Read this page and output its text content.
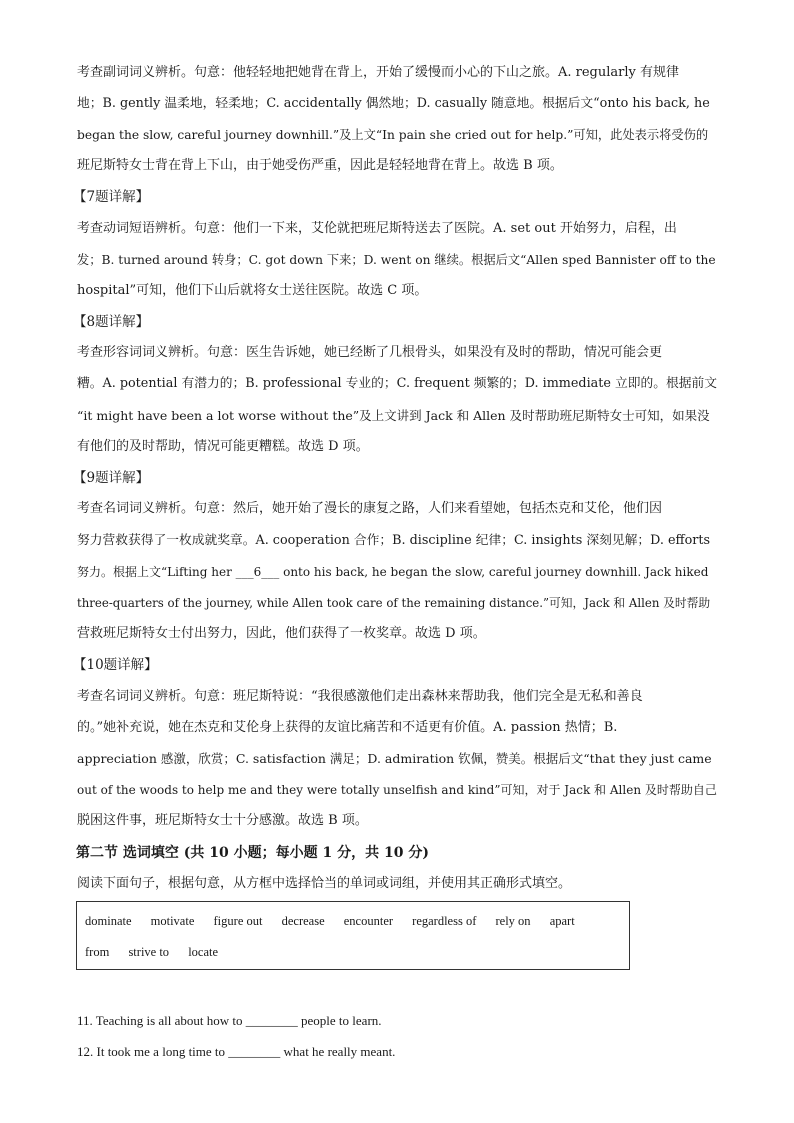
考查副词词义辨析。句意：他轻轻地把她背在背上，开始了缓慢而小心的下山之旅。A. regularly 有规律
地；B. gently 温柔地，轻柔地；C. accidentally 偶然地；D. casually 随意地。根据后文“onto his back, he
began the slow, careful journey downhill.”及上文“In pain she cried out for help.”可知，此处表示将受伤的
班尼斯特女士背在背上下山，由于她受伤严重，因此是轻轻地背在背上。故选 B 项。
【7题详解】
考查动词短语辨析。句意：他们一下来，艾伦就把班尼斯特送去了医院。A. set out 开始努力，启程，出
发；B. turned around 转身；C. got down 下来；D. went on 继续。根据后文“Allen sped Bannister off to the
hospital”可知，他们下山后就将女士送往医院。故选 C 项。
【8题详解】
考查形容词词义辨析。句意：医生告诉她，她已经断了几根骨头，如果没有及时的帮助，情况可能会更
糟。A. potential 有潜力的；B. professional 专业的；C. frequent 频繁的；D. immediate 立即的。根据前文
“it might have been a lot worse without the”及上文讲到 Jack 和 Allen 及时帮助班尼斯特女士可知，如果没
有他们的及时帮助，情况可能更糟糕。故选 D 项。
【9题详解】
考查名词词义辨析。句意：然后，她开始了漫长的康复之路，人们来看望她，包括杰克和艾伦，他们因
努力营救获得了一枚成就奖章。A. cooperation 合作；B. discipline 纪律；C. insights 深刻见解；D. efforts
努力。根据上文“Lifting her ___6___ onto his back, he began the slow, careful journey downhill. Jack hiked
three-quarters of the journey, while Allen took care of the remaining distance.”可知，Jack 和 Allen 及时帮助
营救班尼斯特女士付出努力，因此，他们获得了一枚奖章。故选 D 项。
【10题详解】
考查名词词义辨析。句意：班尼斯特说：“我很感激他们走出森林来帮助我，他们完全是无私和善良
的。”她补充说，她在杰克和艾伦身上获得的友谊比痛苦和不适更有价值。A. passion 热情；B.
appreciation 感激，欣赏；C. satisfaction 满足；D. admiration 钦佩，赞美。根据后文“that they just came
out of the woods to help me and they were totally unselfish and kind”可知，对于 Jack 和 Allen 及时帮助自己
脱困这件事，班尼斯特女士十分感激。故选 B 项。
第二节 选词填空 (共 10 小题；每小题 1 分，共 10 分)
阅读下面句子，根据句意，从方框中选择恰当的单词或词组，并使用其正确形式填空。
dominate motivate figure out decrease encounter regardless of rely on apart
from strive to locate
11. Teaching is all about how to ________ people to learn.
12. It took me a long time to ________ what he really meant.
